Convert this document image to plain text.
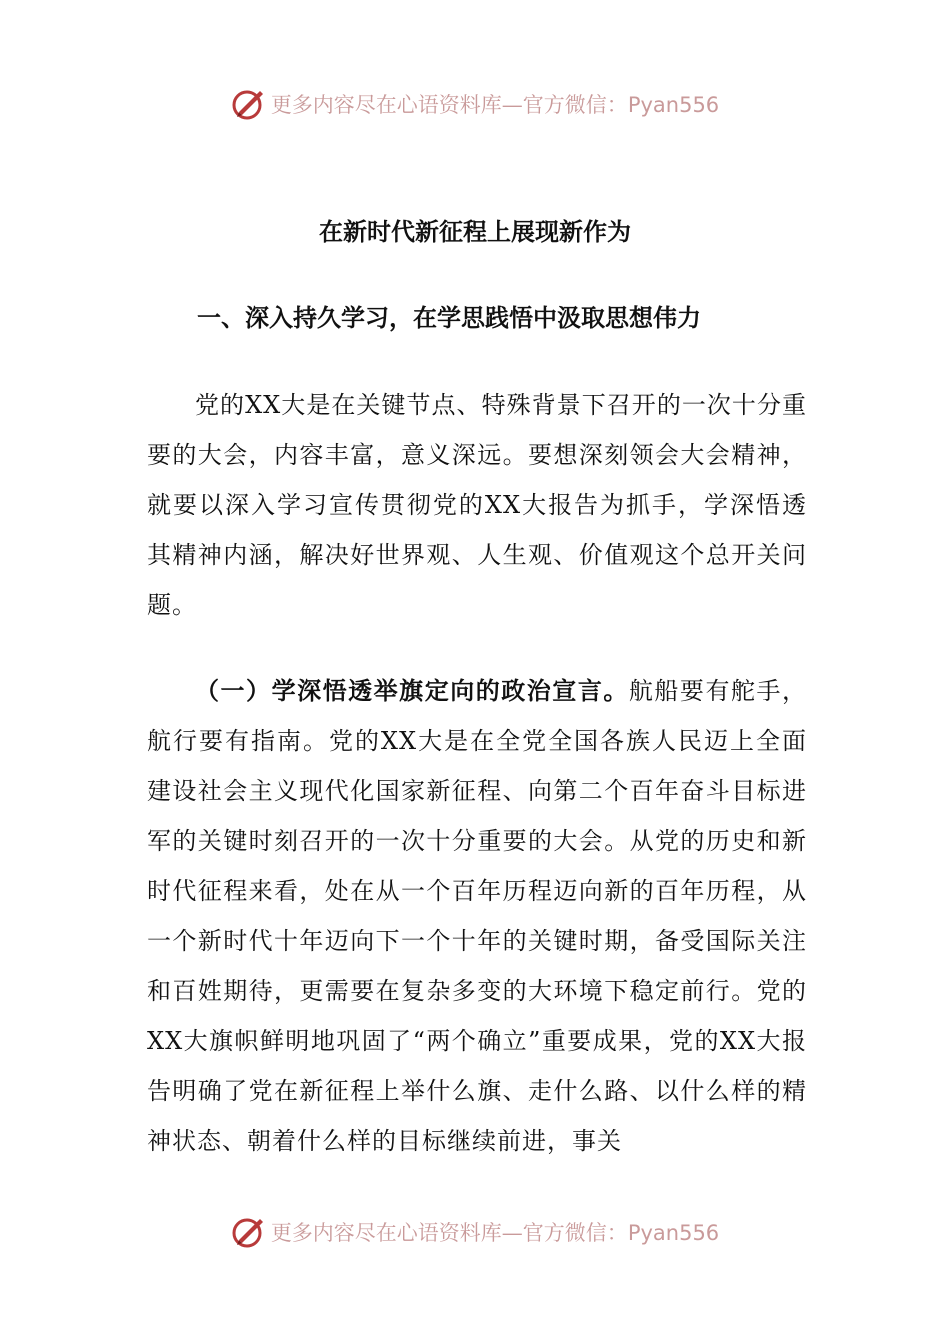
更多内容尽在心语资料库—官方微信：Pyan556
在新时代新征程上展现新作为
一、深入持久学习，在学思践悟中汲取思想伟力

党的XX大是在关键节点、特殊背景下召开的一次十分重要的大会，内容丰富，意义深远。要想深刻领会大会精神，就要以深入学习宣传贯彻党的XX大报告为抓手，学深悟透其精神内涵，解决好世界观、人生观、价值观这个总开关问题。

（一）学深悟透举旗定向的政治宣言。航船要有舵手，航行要有指南。党的XX大是在全党全国各族人民迈上全面建设社会主义现代化国家新征程、向第二个百年奋斗目标进军的关键时刻召开的一次十分重要的大会。从党的历史和新时代征程来看，处在从一个百年历程迈向新的百年历程，从一个新时代十年迈向下一个十年的关键时期，备受国际关注和百姓期待，更需要在复杂多变的大环境下稳定前行。党的XX大旗帜鲜明地巩固了“两个确立”重要成果，党的XX大报告明确了党在新征程上举什么旗、走什么路、以什么样的精神状态、朝着什么样的目标继续前进，事关

更多内容尽在心语资料库—官方微信：Pyan556
